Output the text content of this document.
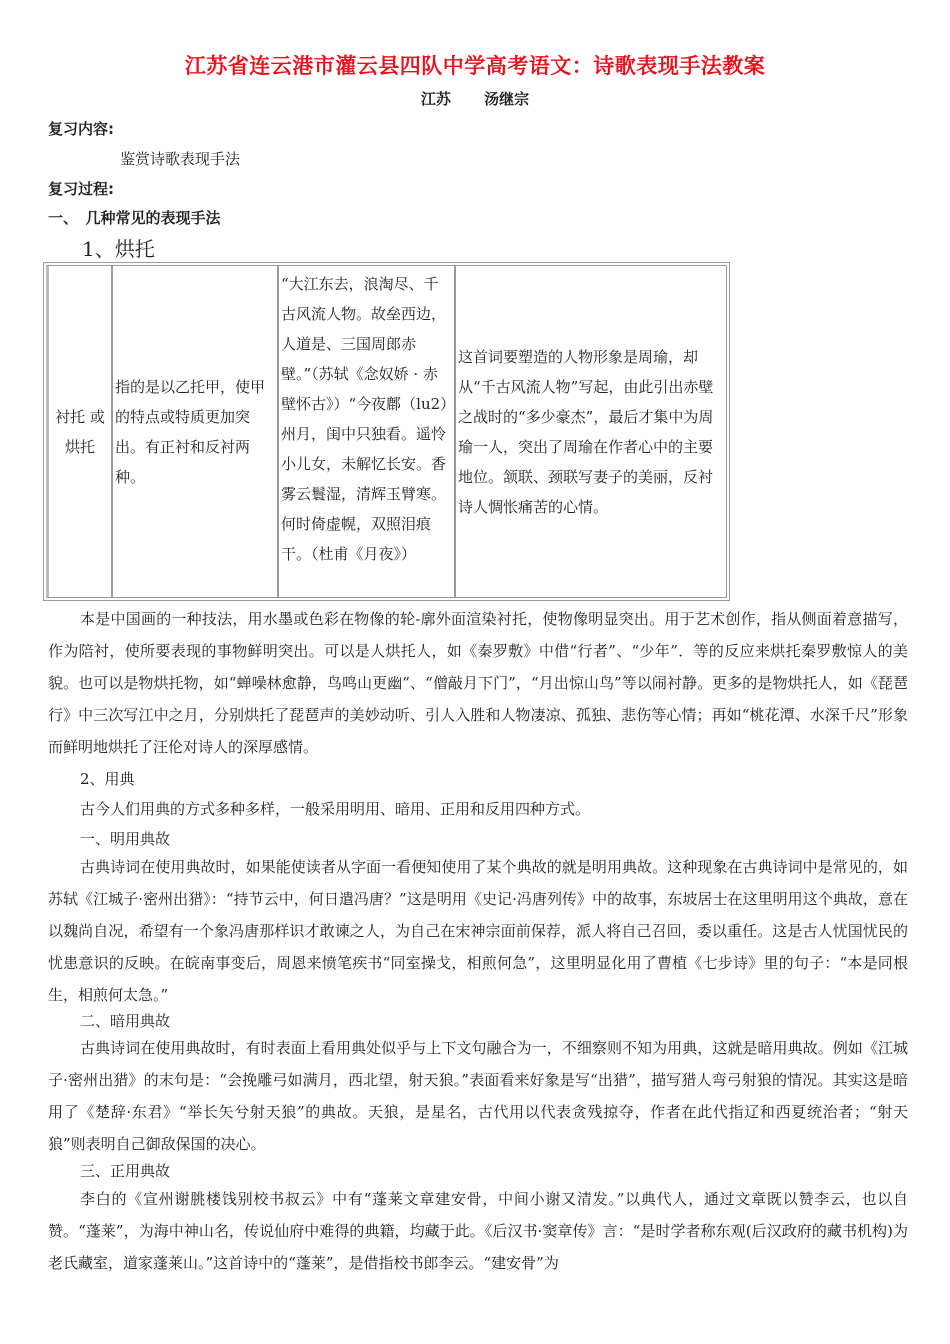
江苏省连云港市灌云县四队中学高考语文：诗歌表现手法教案
江苏 汤继宗
复习内容:
鉴赏诗歌表现手法
复习过程:
一、　几种常见的表现手法
1、烘托
衬托 或烘托	指的是以乙托甲，使甲的特点或特质更加突出。有正衬和反衬两种。	“大江东去，浪淘尽、千古风流人物。故垒西边，人道是、三国周郎赤壁。”（苏轼《念奴娇 · 赤壁怀古》）“今夜鄜（lu2）州月，闺中只独看。遥怜小儿女，未解忆长安。香雾云鬟湿，清辉玉臂寒。何时倚虚幌，双照泪痕干。（杜甫《月夜》）	这首词要塑造的人物形象是周瑜，却从“千古风流人物”写起，由此引出赤壁之战时的“多少豪杰”，最后才集中为周瑜一人，突出了周瑜在作者心中的主要地位。颔联、颈联写妻子的美丽，反衬诗人惆怅痛苦的心情。
本是中国画的一种技法，用水墨或色彩在物像的轮-廓外面渲染衬托，使物像明显突出。用于艺术创作，指从侧面着意描写，作为陪衬，使所要表现的事物鲜明突出。可以是人烘托人，如《秦罗敷》中借“行者”、“少年”．等的反应来烘托秦罗敷惊人的美貌。也可以是物烘托物，如“蝉噪林愈静，鸟鸣山更幽”、“僧敲月下门”，“月出惊山鸟”等以闹衬静。更多的是物烘托人，如《琵琶行》中三次写江中之月，分别烘托了琵琶声的美妙动听、引人入胜和人物凄凉、孤独、悲伤等心情；再如“桃花潭、水深千尺”形象而鲜明地烘托了汪伦对诗人的深厚感情。
2、用典
古今人们用典的方式多种多样，一般采用明用、暗用、正用和反用四种方式。
一、明用典故
古典诗词在使用典故时，如果能使读者从字面一看便知使用了某个典故的就是明用典故。这种现象在古典诗词中是常见的，如苏轼《江城子·密州出猎》：“持节云中，何日遣冯唐？”这是明用《史记·冯唐列传》中的故事，东坡居士在这里明用这个典故，意在以魏尚自况，希望有一个象冯唐那样识才敢谏之人，为自己在宋神宗面前保荐，派人将自己召回，委以重任。这是古人忧国忧民的忧患意识的反映。在皖南事变后，周恩来愤笔疾书“同室操戈，相煎何急”，这里明显化用了曹植《七步诗》里的句子：“本是同根生，相煎何太急。”
二、暗用典故
古典诗词在使用典故时，有时表面上看用典处似乎与上下文句融合为一，不细察则不知为用典，这就是暗用典故。例如《江城子·密州出猎》的末句是：“会挽雕弓如满月，西北望，射天狼。”表面看来好象是写“出猎”，描写猎人弯弓射狼的情况。其实这是暗用了《楚辞·东君》“举长矢兮射天狼”的典故。天狼，是星名，古代用以代表贪残掠夺，作者在此代指辽和西夏统治者；“射天狼”则表明自己御敌保国的决心。
三、正用典故
李白的《宣州谢朓楼饯别校书叔云》中有“蓬莱文章建安骨，中间小谢又清发。”以典代人，通过文章既以赞李云，也以自赞。“蓬莱”，为海中神山名，传说仙府中难得的典籍，均藏于此。《后汉书·窦章传》言：“是时学者称东观(后汉政府的藏书机构)为老氏藏室，道家蓬莱山。”这首诗中的“蓬莱”，是借指校书郎李云。“建安骨”为
